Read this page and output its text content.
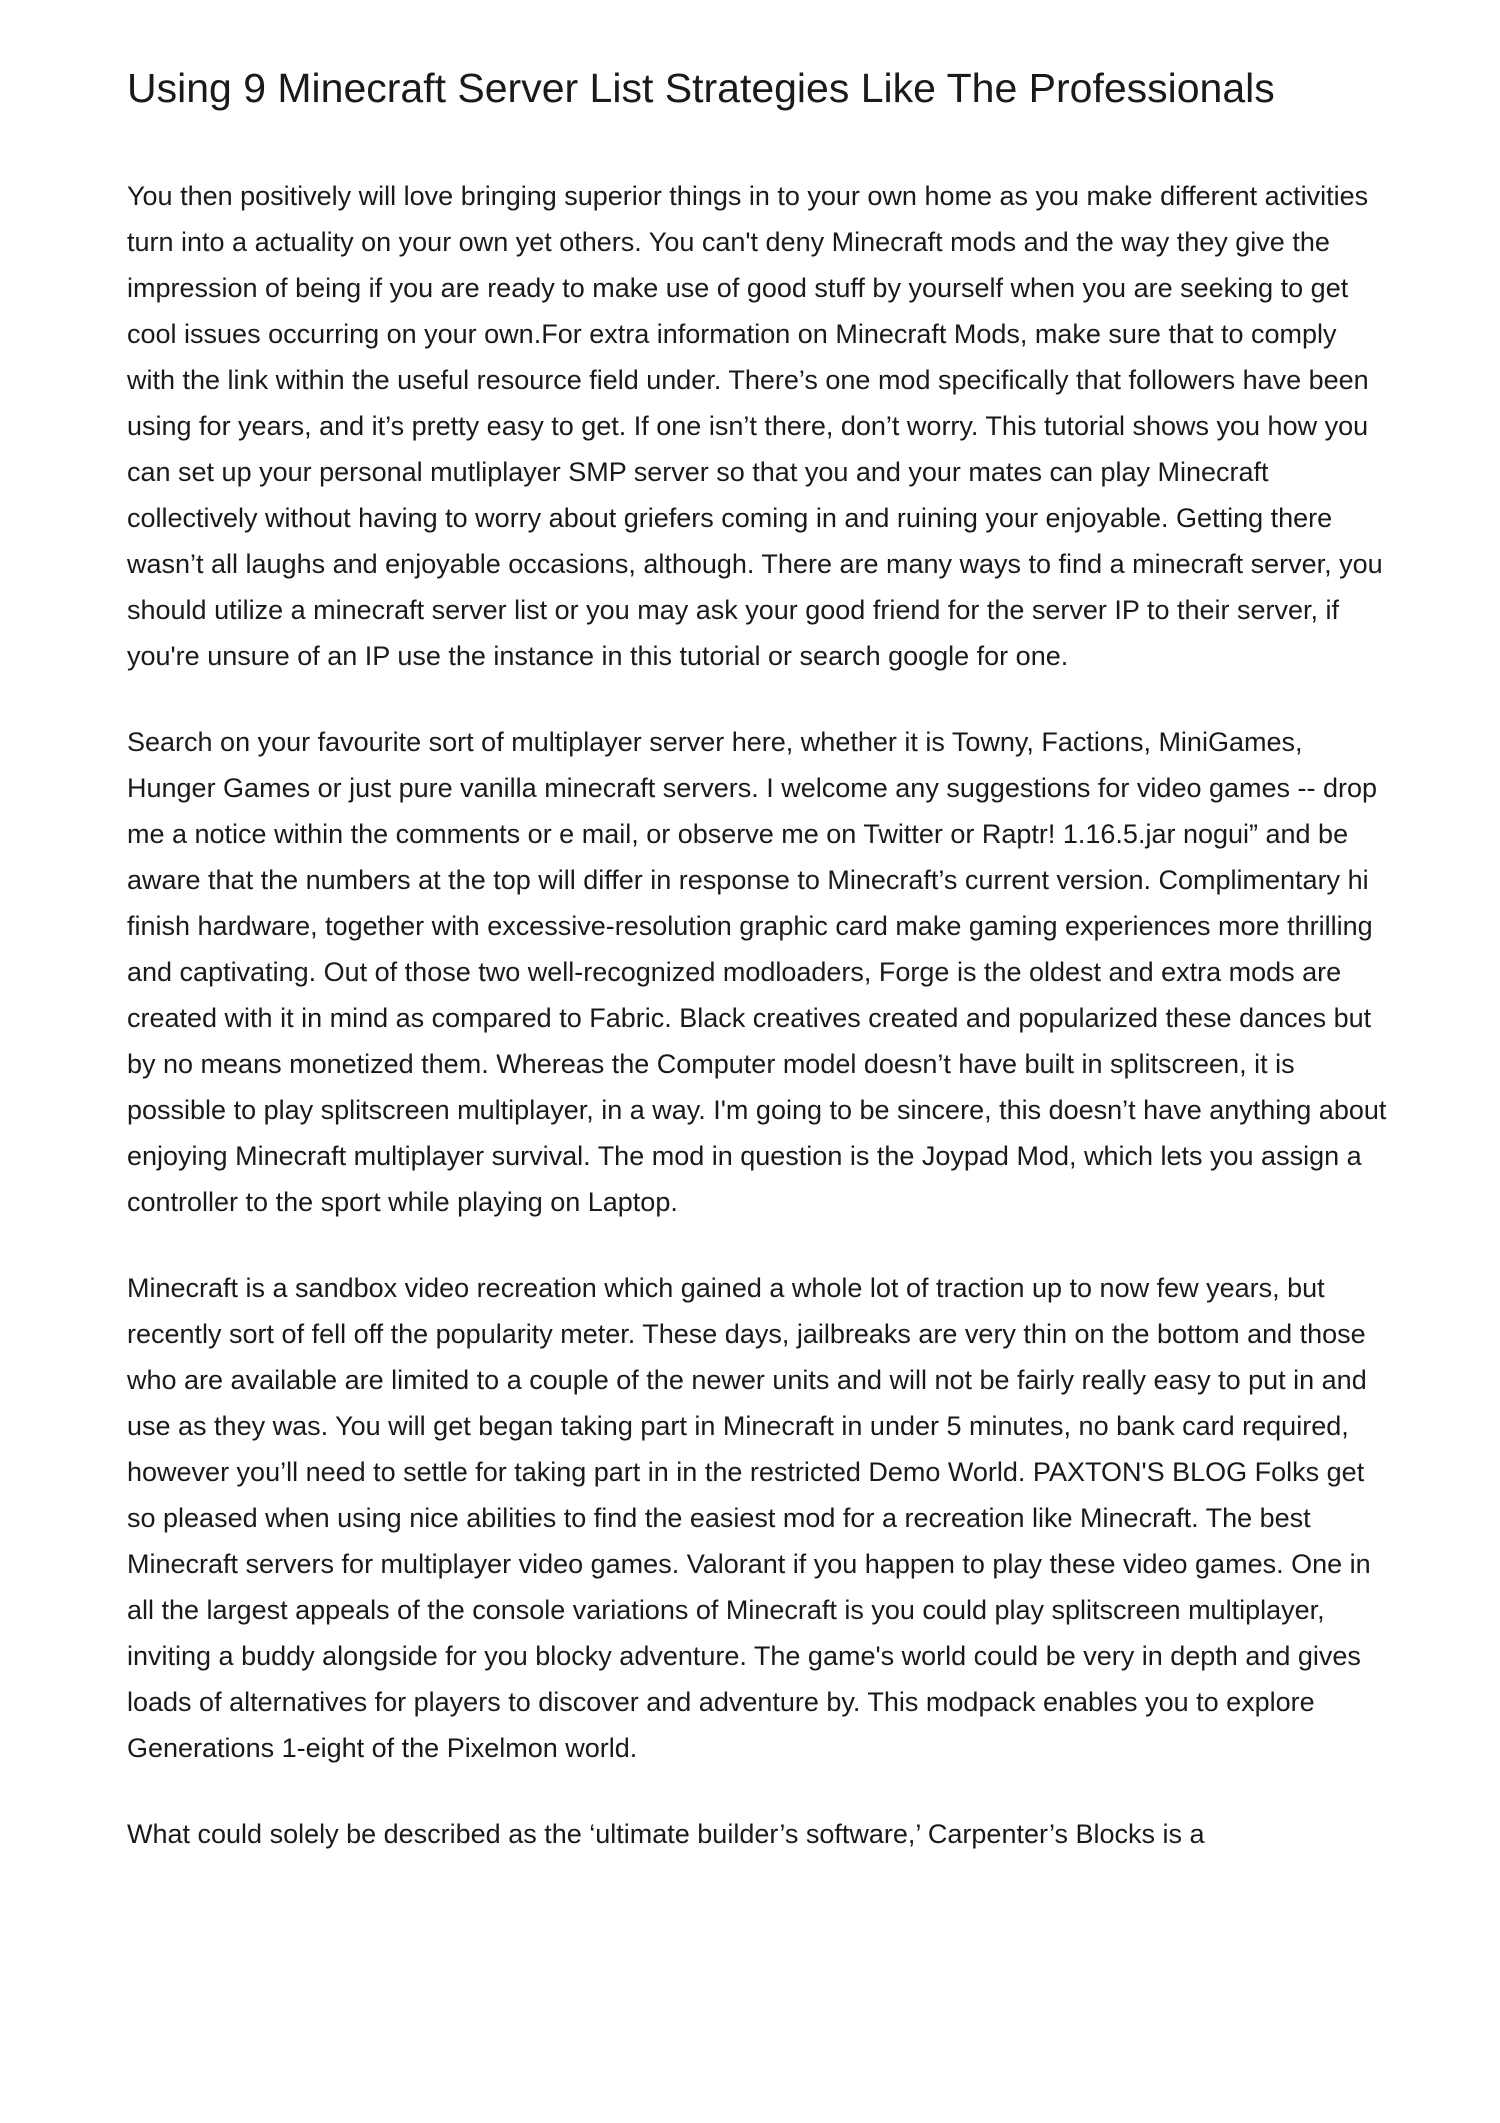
Using 9 Minecraft Server List Strategies Like The Professionals

You then positively will love bringing superior things in to your own home as you make different activities turn into a actuality on your own yet others. You can't deny Minecraft mods and the way they give the impression of being if you are ready to make use of good stuff by yourself when you are seeking to get cool issues occurring on your own.For extra information on Minecraft Mods, make sure that to comply with the link within the useful resource field under. There’s one mod specifically that followers have been using for years, and it’s pretty easy to get. If one isn’t there, don’t worry. This tutorial shows you how you can set up your personal mutliplayer SMP server so that you and your mates can play Minecraft collectively without having to worry about griefers coming in and ruining your enjoyable. Getting there wasn’t all laughs and enjoyable occasions, although. There are many ways to find a minecraft server, you should utilize a minecraft server list or you may ask your good friend for the server IP to their server, if you're unsure of an IP use the instance in this tutorial or search google for one.

Search on your favourite sort of multiplayer server here, whether it is Towny, Factions, MiniGames, Hunger Games or just pure vanilla minecraft servers. I welcome any suggestions for video games -- drop me a notice within the comments or e mail, or observe me on Twitter or Raptr! 1.16.5.jar nogui” and be aware that the numbers at the top will differ in response to Minecraft’s current version. Complimentary hi finish hardware, together with excessive-resolution graphic card make gaming experiences more thrilling and captivating. Out of those two well-recognized modloaders, Forge is the oldest and extra mods are created with it in mind as compared to Fabric. Black creatives created and popularized these dances but by no means monetized them. Whereas the Computer model doesn’t have built in splitscreen, it is possible to play splitscreen multiplayer, in a way. I'm going to be sincere, this doesn’t have anything about enjoying Minecraft multiplayer survival. The mod in question is the Joypad Mod, which lets you assign a controller to the sport while playing on Laptop.

Minecraft is a sandbox video recreation which gained a whole lot of traction up to now few years, but recently sort of fell off the popularity meter. These days, jailbreaks are very thin on the bottom and those who are available are limited to a couple of the newer units and will not be fairly really easy to put in and use as they was. You will get began taking part in Minecraft in under 5 minutes, no bank card required, however you’ll need to settle for taking part in in the restricted Demo World. PAXTON'S BLOG Folks get so pleased when using nice abilities to find the easiest mod for a recreation like Minecraft. The best Minecraft servers for multiplayer video games. Valorant if you happen to play these video games. One in all the largest appeals of the console variations of Minecraft is you could play splitscreen multiplayer, inviting a buddy alongside for you blocky adventure. The game's world could be very in depth and gives loads of alternatives for players to discover and adventure by. This modpack enables you to explore Generations 1-eight of the Pixelmon world.

What could solely be described as the ‘ultimate builder’s software,’ Carpenter’s Blocks is a
